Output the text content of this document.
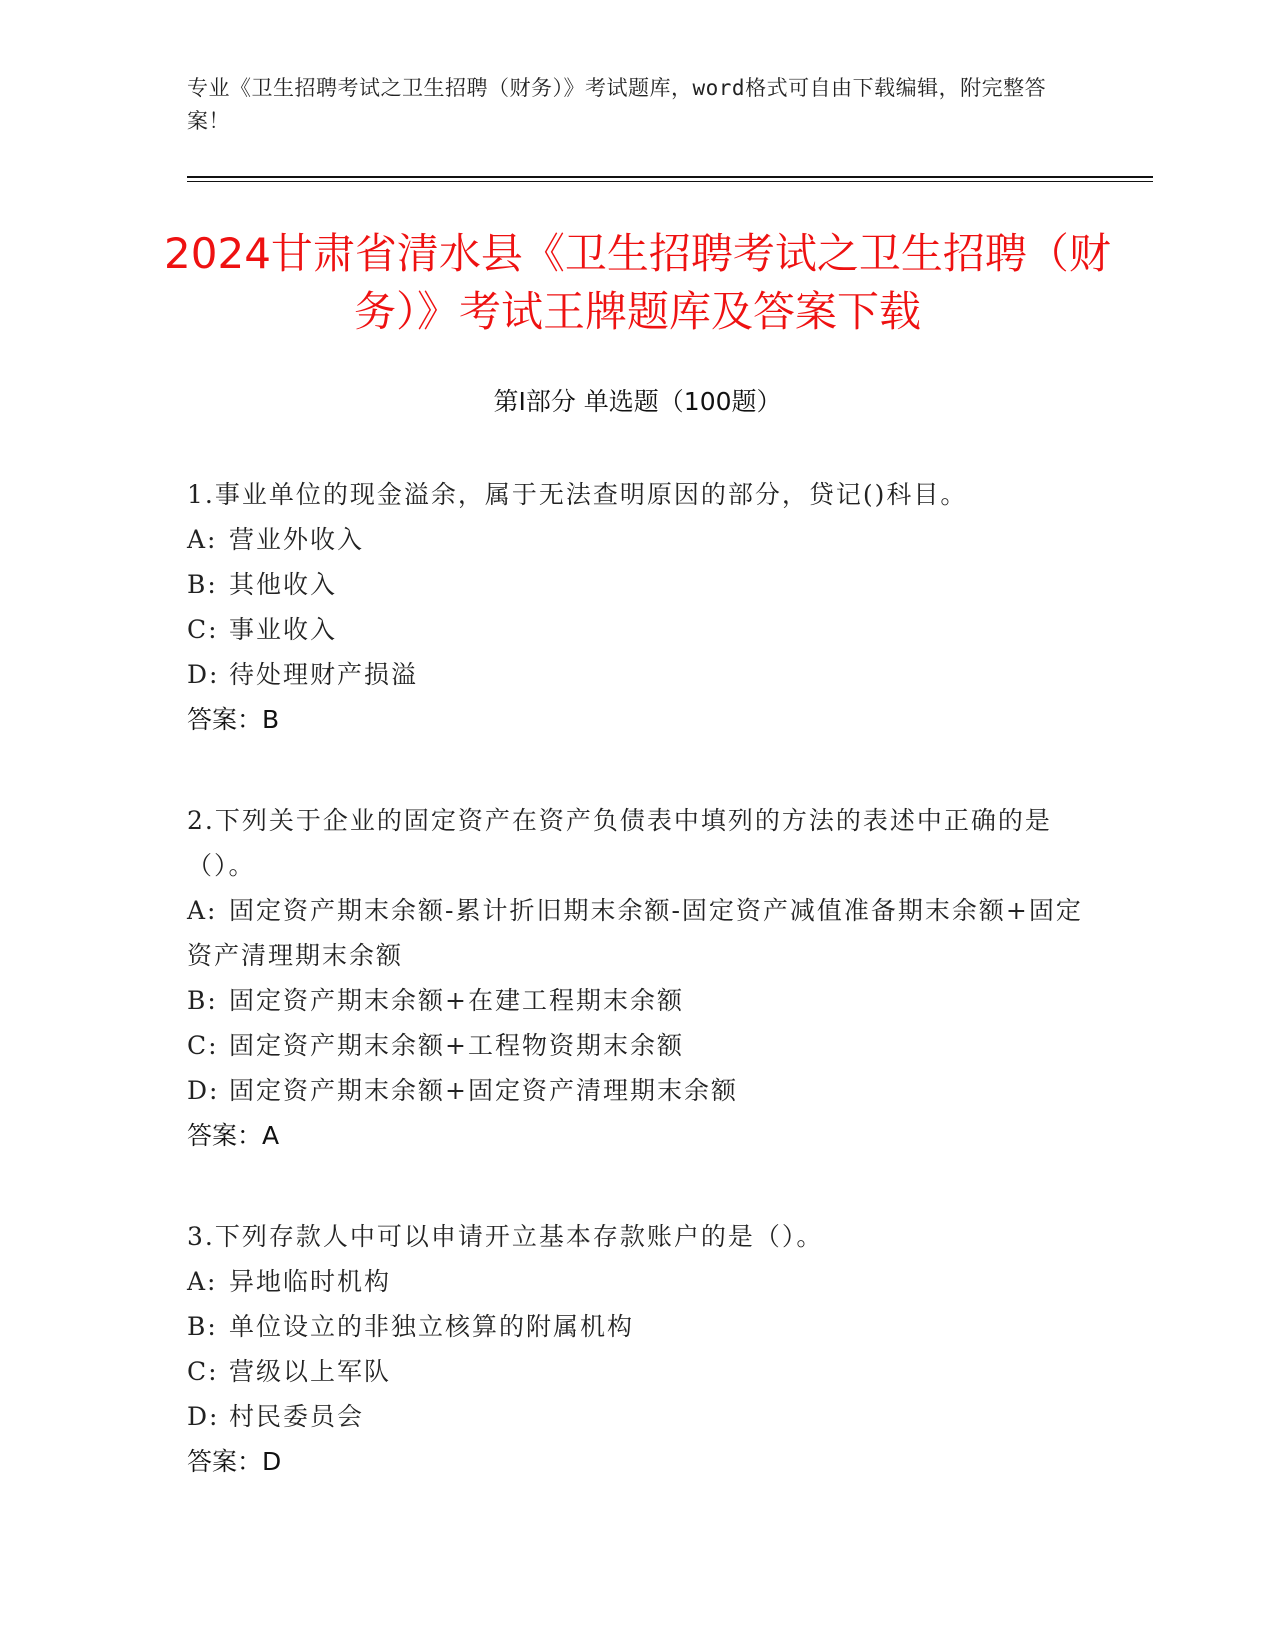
专业《卫生招聘考试之卫生招聘（财务）》考试题库，word格式可自由下载编辑，附完整答案！
2024甘肃省清水县《卫生招聘考试之卫生招聘（财务）》考试王牌题库及答案下载
第Ⅰ部分 单选题（100题）
1.事业单位的现金溢余，属于无法查明原因的部分，贷记()科目。
A: 营业外收入
B: 其他收入
C: 事业收入
D: 待处理财产损溢
答案：B
2.下列关于企业的固定资产在资产负债表中填列的方法的表述中正确的是（）。
A: 固定资产期末余额-累计折旧期末余额-固定资产减值准备期末余额+固定资产清理期末余额
B: 固定资产期末余额+在建工程期末余额
C: 固定资产期末余额+工程物资期末余额
D: 固定资产期末余额+固定资产清理期末余额
答案：A
3.下列存款人中可以申请开立基本存款账户的是（）。
A: 异地临时机构
B: 单位设立的非独立核算的附属机构
C: 营级以上军队
D: 村民委员会
答案：D
